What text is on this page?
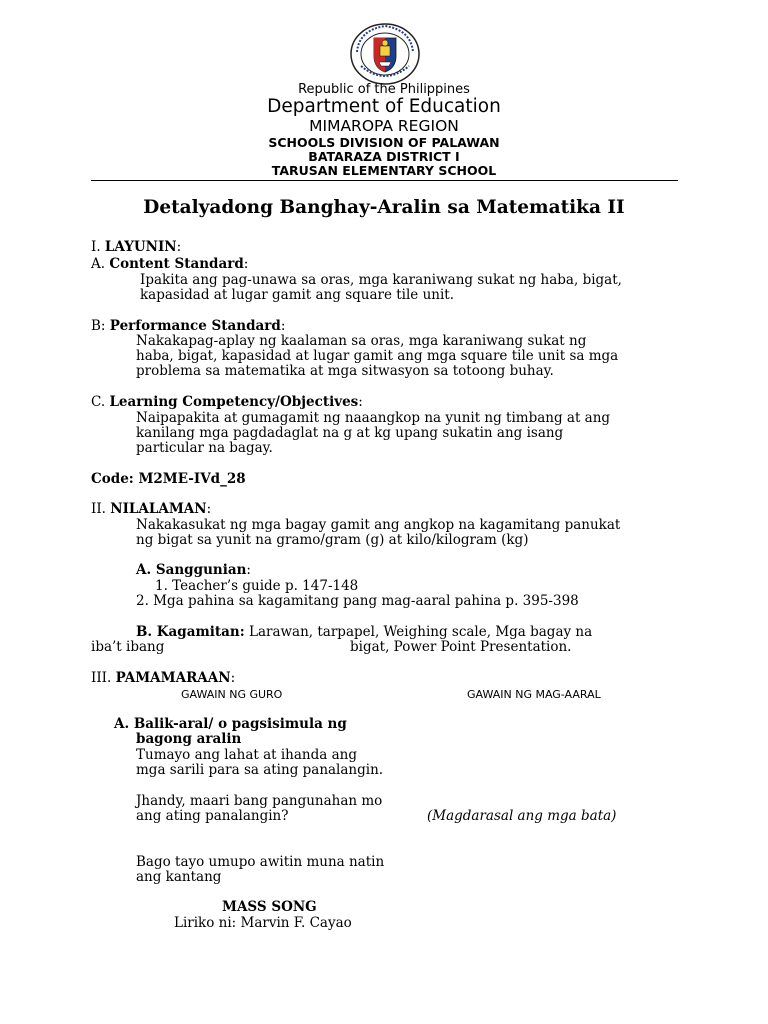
Republic of the Philippines
Department of Education
MIMAROPA REGION
SCHOOLS DIVISION OF PALAWAN
BATARAZA DISTRICT I
TARUSAN ELEMENTARY SCHOOL
Detalyadong Banghay-Aralin sa Matematika II
I. LAYUNIN:
A. Content Standard:
Ipakita ang pag-unawa sa oras, mga karaniwang sukat ng haba, bigat,
kapasidad at lugar gamit ang square tile unit.
B: Performance Standard:
Nakakapag-aplay ng kaalaman sa oras, mga karaniwang sukat ng
haba, bigat, kapasidad at lugar gamit ang mga square tile unit sa mga
problema sa matematika at mga sitwasyon sa totoong buhay.
C. Learning Competency/Objectives:
Naipapakita at gumagamit ng naaangkop na yunit ng timbang at ang
kanilang mga pagdadaglat na g at kg upang sukatin ang isang
particular na bagay.
Code: M2ME-IVd_28
II. NILALAMAN:
Nakakasukat ng mga bagay gamit ang angkop na kagamitang panukat
ng bigat sa yunit na gramo/gram (g) at kilo/kilogram (kg)
A. Sanggunian:
1. Teacher’s guide p. 147-148
2. Mga pahina sa kagamitang pang mag-aaral pahina p. 395-398
B. Kagamitan: Larawan, tarpapel, Weighing scale, Mga bagay na
iba’t ibang	bigat, Power Point Presentation.
III. PAMAMARAAN:
GAWAIN NG GURO	GAWAIN NG MAG-AARAL
A. Balik-aral/ o pagsisimula ng
bagong aralin
Tumayo ang lahat at ihanda ang
mga sarili para sa ating panalangin.
Jhandy, maari bang pangunahan mo
ang ating panalangin?	(Magdarasal ang mga bata)
Bago tayo umupo awitin muna natin
ang kantang
MASS SONG
Liriko ni: Marvin F. Cayao
